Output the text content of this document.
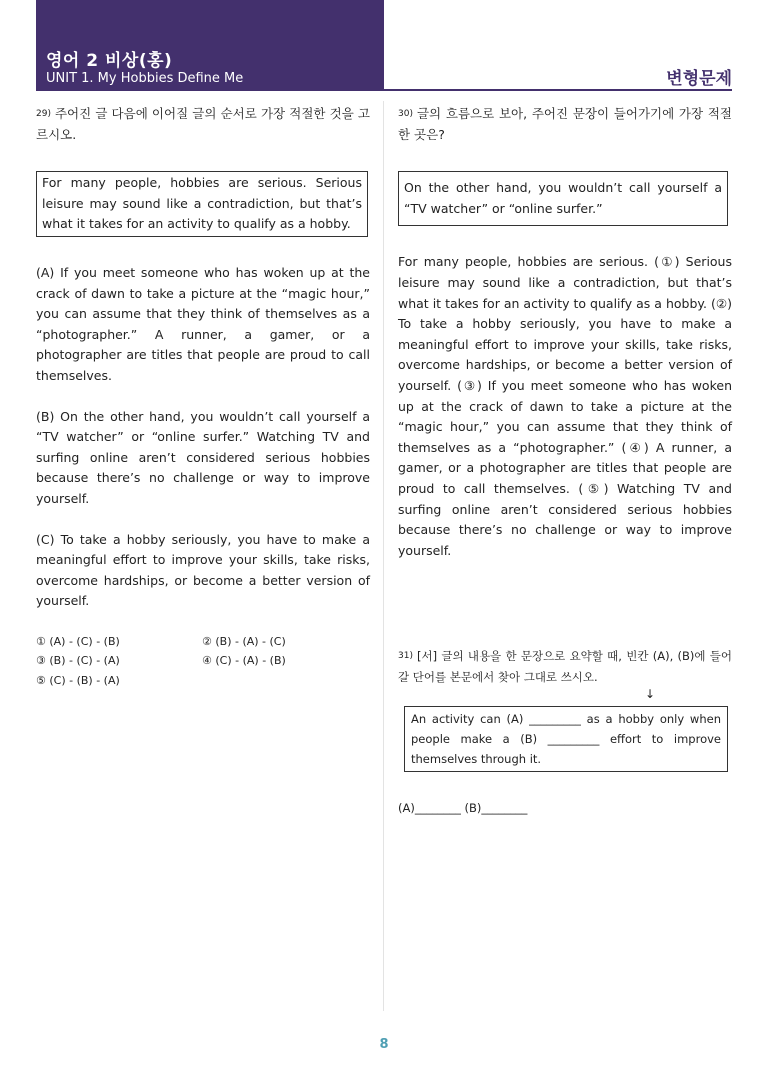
영어 2 비상(홍)
UNIT 1. My Hobbies Define Me	변형문제
29) 주어진 글 다음에 이어질 글의 순서로 가장 적절한 것을 고르시오.
For many people, hobbies are serious. Serious leisure may sound like a contradiction, but that’s what it takes for an activity to qualify as a hobby.
(A) If you meet someone who has woken up at the crack of dawn to take a picture at the “magic hour,” you can assume that they think of themselves as a “photographer.” A runner, a gamer, or a photographer are titles that people are proud to call themselves.
(B) On the other hand, you wouldn’t call yourself a “TV watcher” or “online surfer.” Watching TV and surfing online aren’t considered serious hobbies because there’s no challenge or way to improve yourself.
(C) To take a hobby seriously, you have to make a meaningful effort to improve your skills, take risks, overcome hardships, or become a better version of yourself.
① (A) - (C) - (B)	② (B) - (A) - (C)
③ (B) - (C) - (A)	④ (C) - (A) - (B)
⑤ (C) - (B) - (A)
30) 글의 흐름으로 보아, 주어진 문장이 들어가기에 가장 적절한 곳은?
On the other hand, you wouldn’t call yourself a “TV watcher” or “online surfer.”
For many people, hobbies are serious. (①) Serious leisure may sound like a contradiction, but that’s what it takes for an activity to qualify as a hobby. (②) To take a hobby seriously, you have to make a meaningful effort to improve your skills, take risks, overcome hardships, or become a better version of yourself. (③) If you meet someone who has woken up at the crack of dawn to take a picture at the “magic hour,” you can assume that they think of themselves as a “photographer.” (④) A runner, a gamer, or a photographer are titles that people are proud to call themselves. (⑤) Watching TV and surfing online aren’t considered serious hobbies because there’s no challenge or way to improve yourself.
31) [서] 글의 내용을 한 문장으로 요약할 때, 빈칸 (A), (B)에 들어갈 단어를 본문에서 찾아 그대로 쓰시오.
↓
An activity can (A) _________ as a hobby only when people make a (B) _________ effort to improve themselves through it.
(A)________ (B)________
8
